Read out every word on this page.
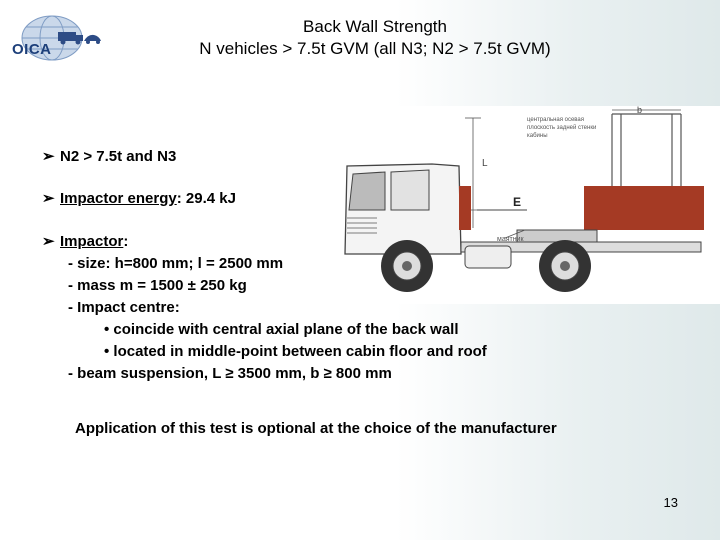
OICA
Back Wall Strength
N vehicles > 7.5t GVM (all N3; N2 > 7.5t GVM)
b
L
E
центральная осевая
плоскость задней стенки
кабины
маятник
➢ N2 > 7.5t and N3
➢ Impactor energy: 29.4 kJ
➢ Impactor:
- size: h=800 mm; l = 2500 mm
- mass m = 1500 ± 250 kg
- Impact centre:
• coincide with central axial plane of the back wall
• located in middle-point between cabin floor and roof
- beam suspension, L ≥ 3500 mm, b ≥ 800 mm
Application of this test is optional at the choice of the manufacturer
13
